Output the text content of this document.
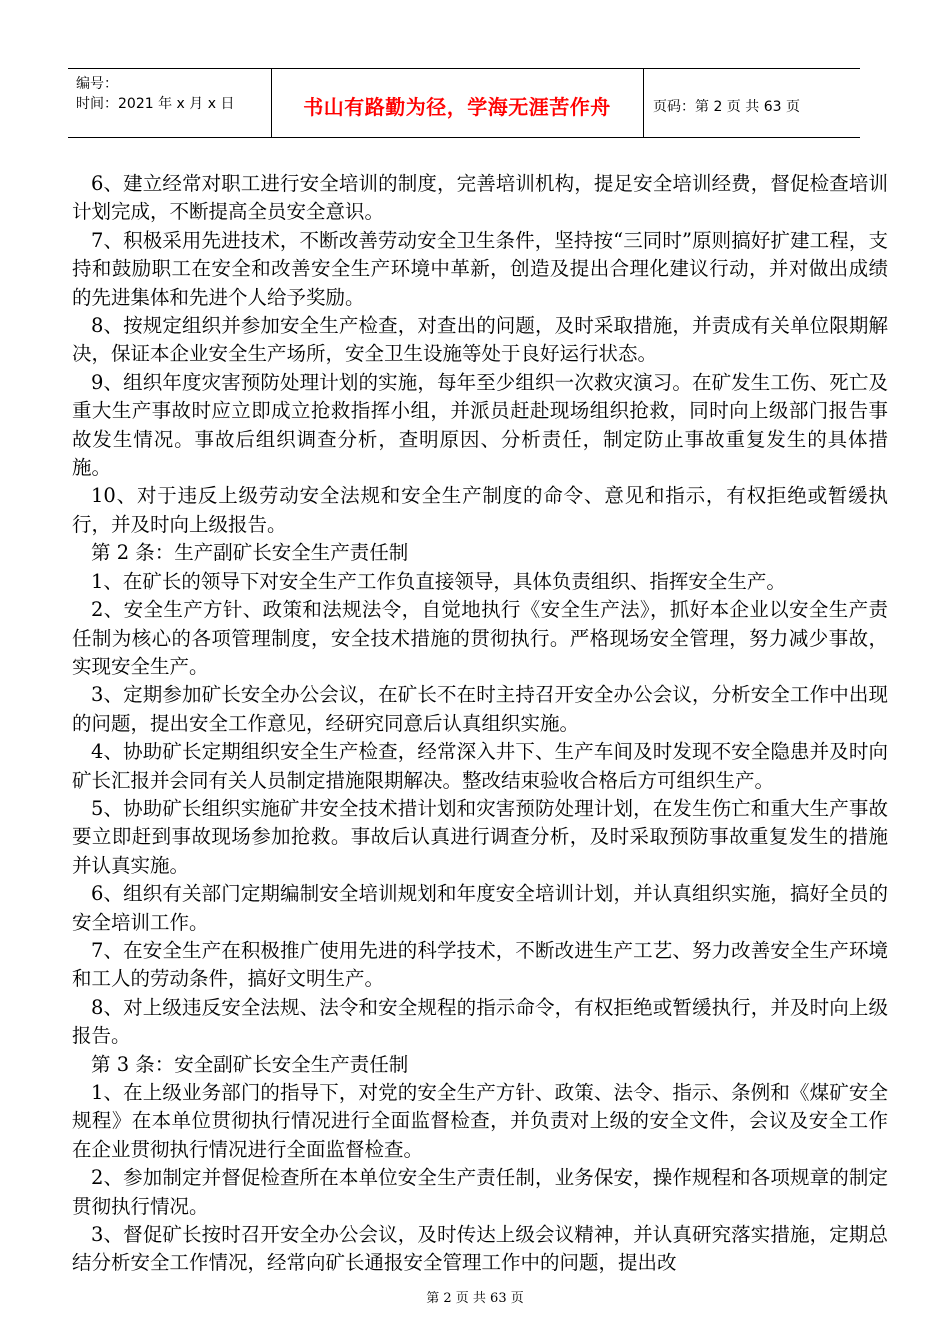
编号：
时间：2021 年 x 月 x 日	书山有路勤为径，学海无涯苦作舟	页码：第 2 页 共 63 页

6、建立经常对职工进行安全培训的制度，完善培训机构，提足安全培训经费，督促检查培训计划完成，不断提高全员安全意识。

7、积极采用先进技术，不断改善劳动安全卫生条件，坚持按“三同时”原则搞好扩建工程，支持和鼓励职工在安全和改善安全生产环境中革新，创造及提出合理化建议行动，并对做出成绩的先进集体和先进个人给予奖励。

8、按规定组织并参加安全生产检查，对查出的问题，及时采取措施，并责成有关单位限期解决，保证本企业安全生产场所，安全卫生设施等处于良好运行状态。

9、组织年度灾害预防处理计划的实施，每年至少组织一次救灾演习。在矿发生工伤、死亡及重大生产事故时应立即成立抢救指挥小组，并派员赶赴现场组织抢救，同时向上级部门报告事故发生情况。事故后组织调查分析，查明原因、分析责任，制定防止事故重复发生的具体措施。

10、对于违反上级劳动安全法规和安全生产制度的命令、意见和指示，有权拒绝或暂缓执行，并及时向上级报告。

第 2 条：生产副矿长安全生产责任制

1、在矿长的领导下对安全生产工作负直接领导，具体负责组织、指挥安全生产。

2、安全生产方针、政策和法规法令，自觉地执行《安全生产法》，抓好本企业以安全生产责任制为核心的各项管理制度，安全技术措施的贯彻执行。严格现场安全管理，努力减少事故，实现安全生产。

3、定期参加矿长安全办公会议，在矿长不在时主持召开安全办公会议，分析安全工作中出现的问题，提出安全工作意见，经研究同意后认真组织实施。

4、协助矿长定期组织安全生产检查，经常深入井下、生产车间及时发现不安全隐患并及时向矿长汇报并会同有关人员制定措施限期解决。整改结束验收合格后方可组织生产。

5、协助矿长组织实施矿井安全技术措计划和灾害预防处理计划，在发生伤亡和重大生产事故要立即赶到事故现场参加抢救。事故后认真进行调查分析，及时采取预防事故重复发生的措施并认真实施。

6、组织有关部门定期编制安全培训规划和年度安全培训计划，并认真组织实施，搞好全员的安全培训工作。

7、在安全生产在积极推广使用先进的科学技术，不断改进生产工艺、努力改善安全生产环境和工人的劳动条件，搞好文明生产。

8、对上级违反安全法规、法令和安全规程的指示命令，有权拒绝或暂缓执行，并及时向上级报告。

第 3 条：安全副矿长安全生产责任制

1、在上级业务部门的指导下，对党的安全生产方针、政策、法令、指示、条例和《煤矿安全规程》在本单位贯彻执行情况进行全面监督检查，并负责对上级的安全文件，会议及安全工作在企业贯彻执行情况进行全面监督检查。

2、参加制定并督促检查所在本单位安全生产责任制，业务保安，操作规程和各项规章的制定贯彻执行情况。

3、督促矿长按时召开安全办公会议，及时传达上级会议精神，并认真研究落实措施，定期总结分析安全工作情况，经常向矿长通报安全管理工作中的问题，提出改

第 2 页 共 63 页
